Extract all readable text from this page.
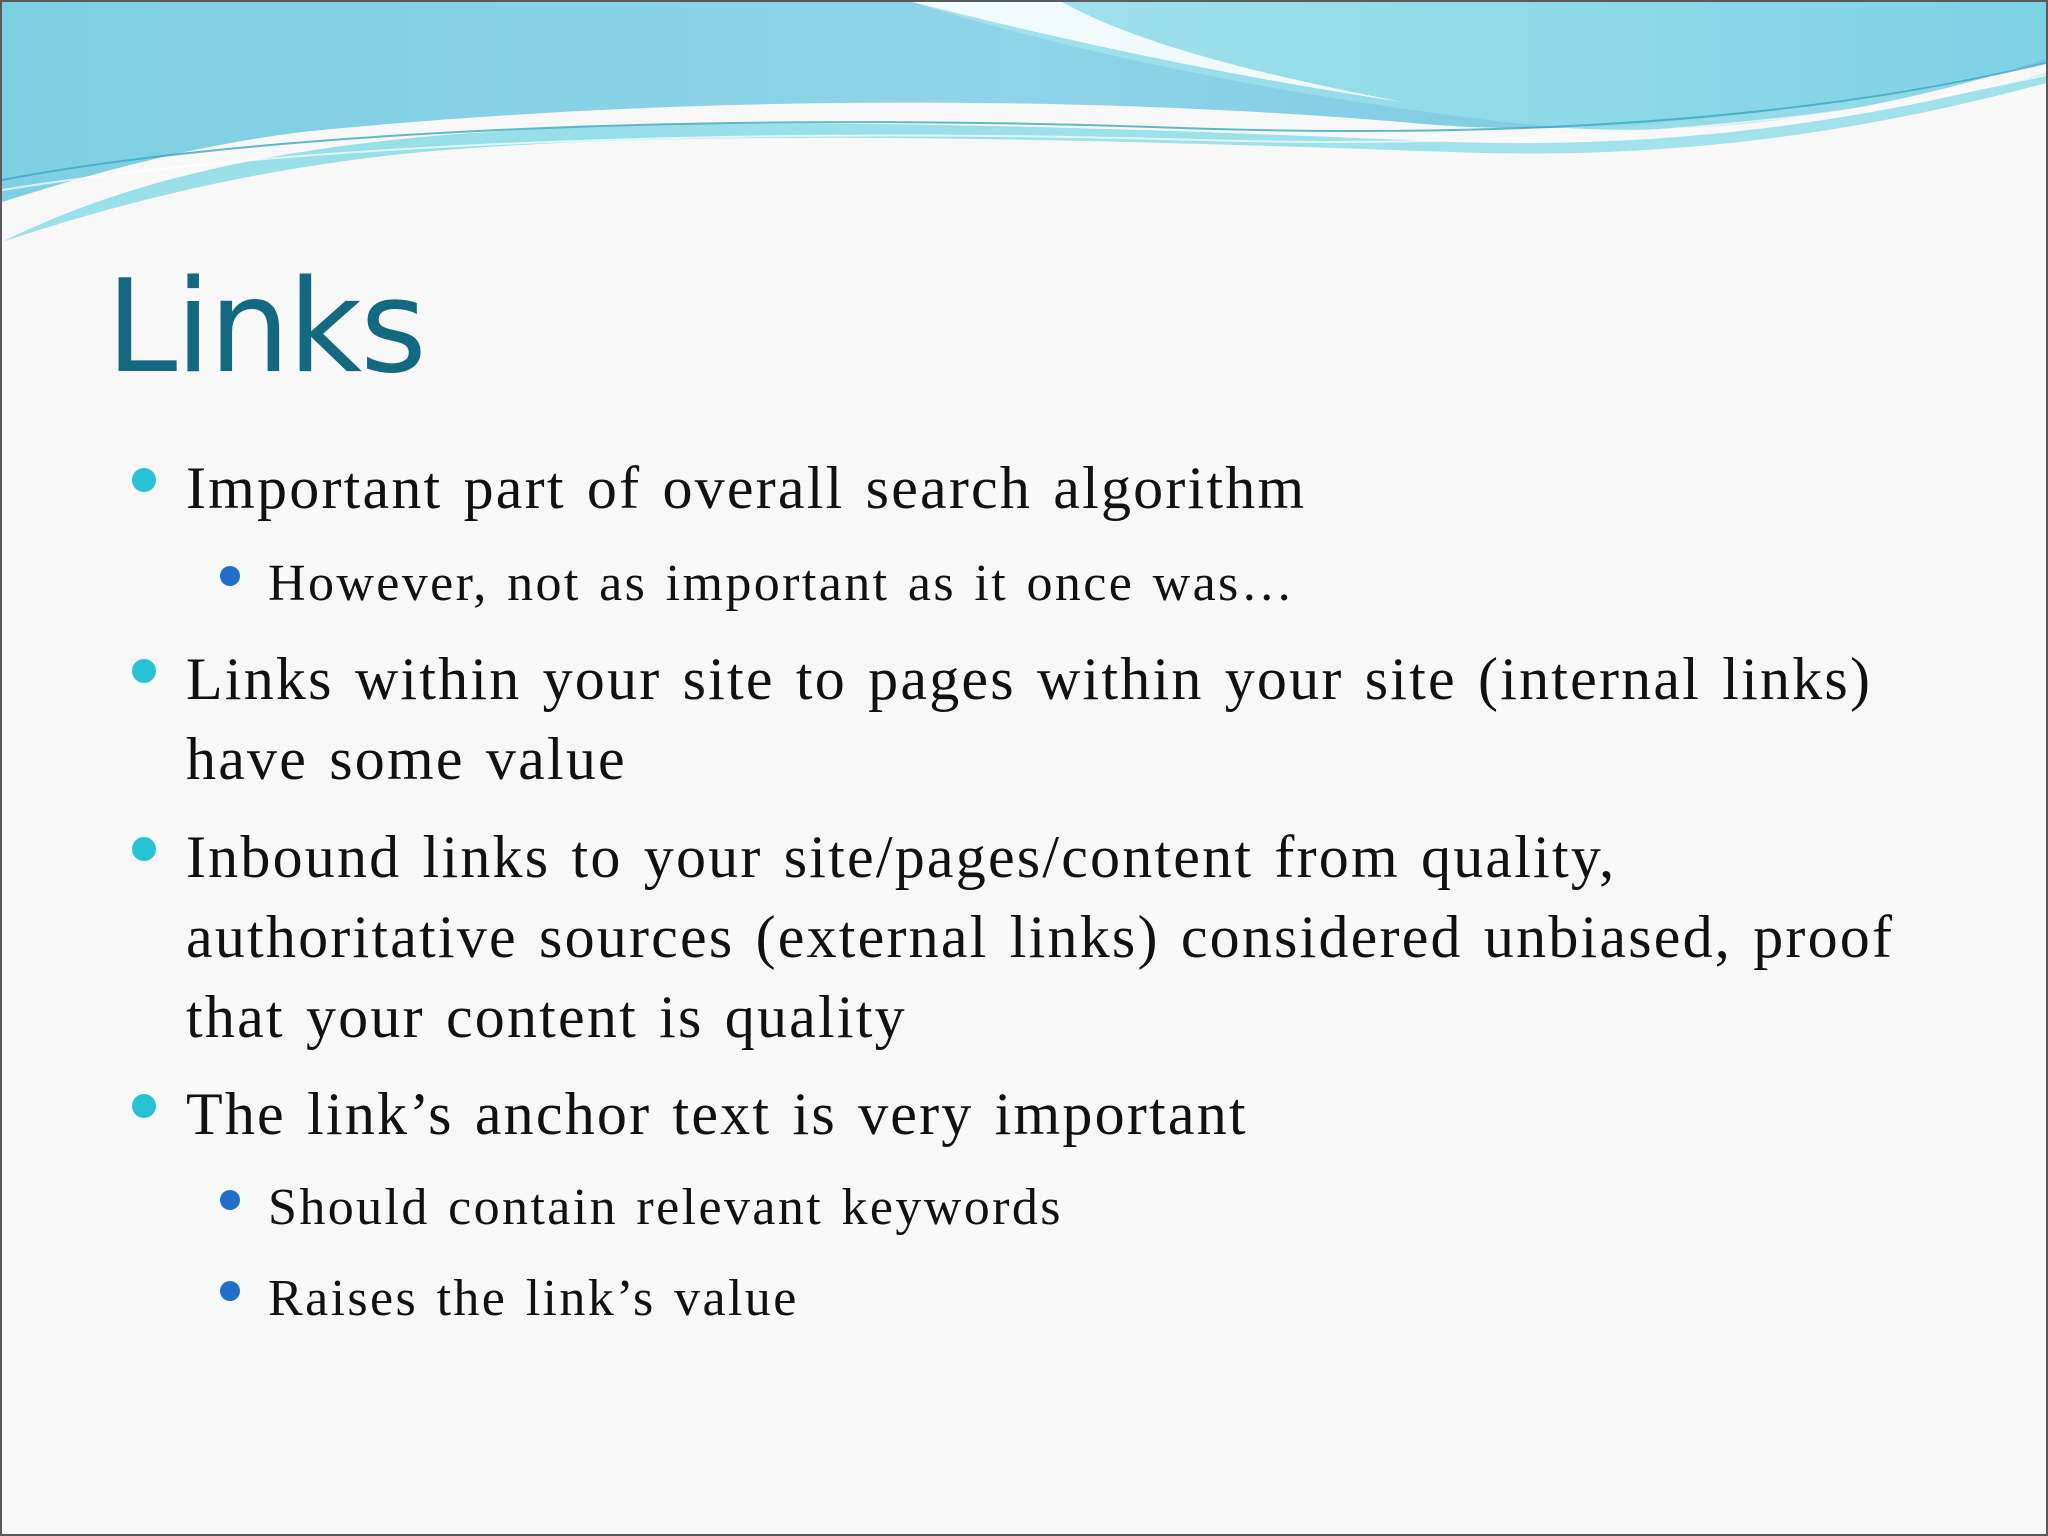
Links
Important part of overall search algorithm
However, not as important as it once was…
Links within your site to pages within your site (internal links) have some value
Inbound links to your site/pages/content from quality, authoritative sources (external links) considered unbiased, proof that your content is quality
The link’s anchor text is very important
Should contain relevant keywords
Raises the link’s value
